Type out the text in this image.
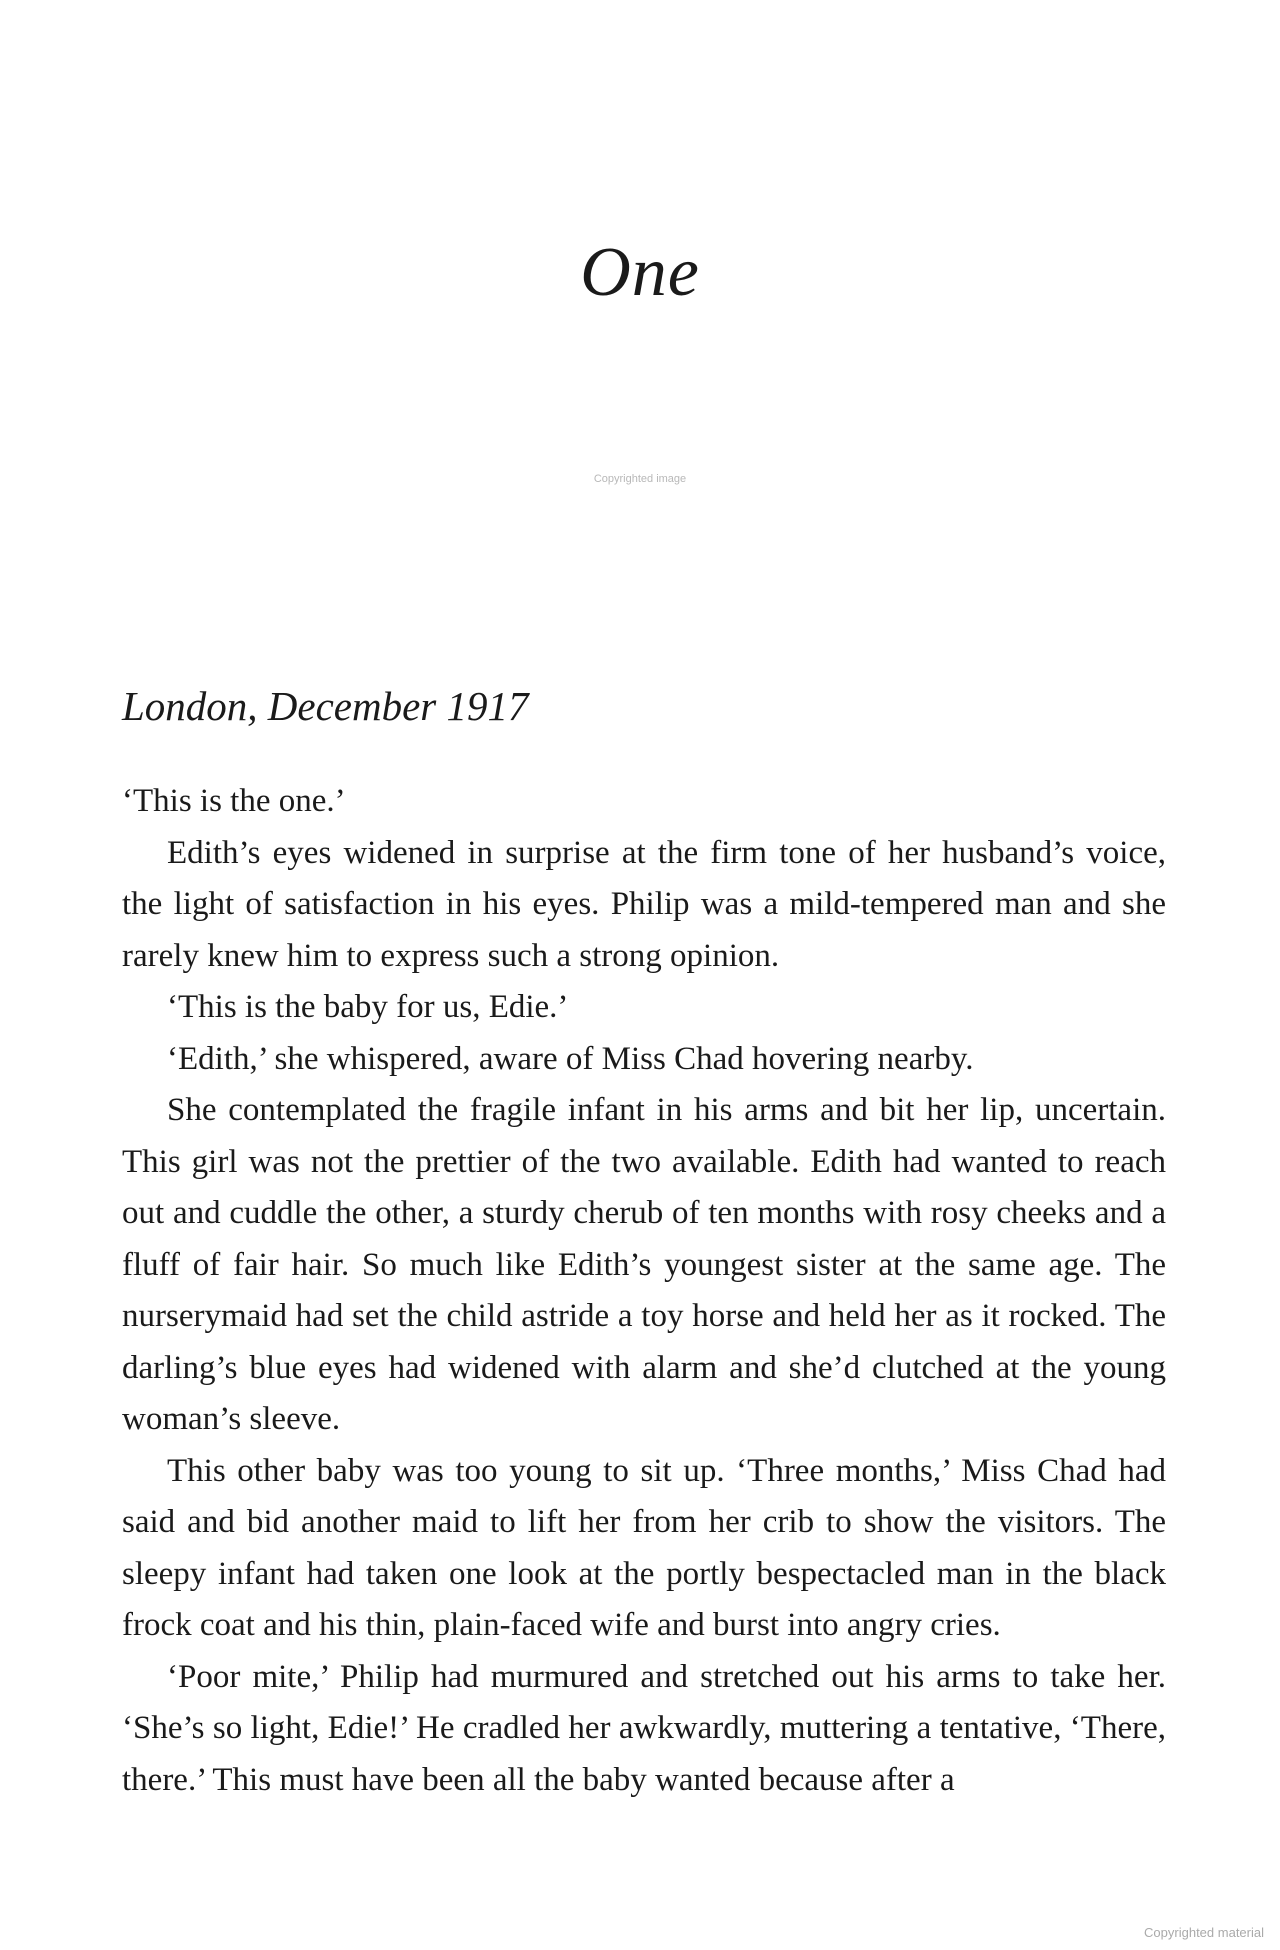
One
Copyrighted image
London, December 1917

‘This is the one.’

Edith’s eyes widened in surprise at the firm tone of her husband’s voice, the light of satisfaction in his eyes. Philip was a mild-tempered man and she rarely knew him to express such a strong opinion.

‘This is the baby for us, Edie.’

‘Edith,’ she whispered, aware of Miss Chad hovering nearby.

She contemplated the fragile infant in his arms and bit her lip, uncertain. This girl was not the prettier of the two available. Edith had wanted to reach out and cuddle the other, a sturdy cherub of ten months with rosy cheeks and a fluff of fair hair. So much like Edith’s youngest sister at the same age. The nurserymaid had set the child astride a toy horse and held her as it rocked. The darling’s blue eyes had widened with alarm and she’d clutched at the young woman’s sleeve.

This other baby was too young to sit up. ‘Three months,’ Miss Chad had said and bid another maid to lift her from her crib to show the visitors. The sleepy infant had taken one look at the portly bespectacled man in the black frock coat and his thin, plain-faced wife and burst into angry cries.

‘Poor mite,’ Philip had murmured and stretched out his arms to take her. ‘She’s so light, Edie!’ He cradled her awkwardly, muttering a tentative, ‘There, there.’ This must have been all the baby wanted because after a

Copyrighted material
